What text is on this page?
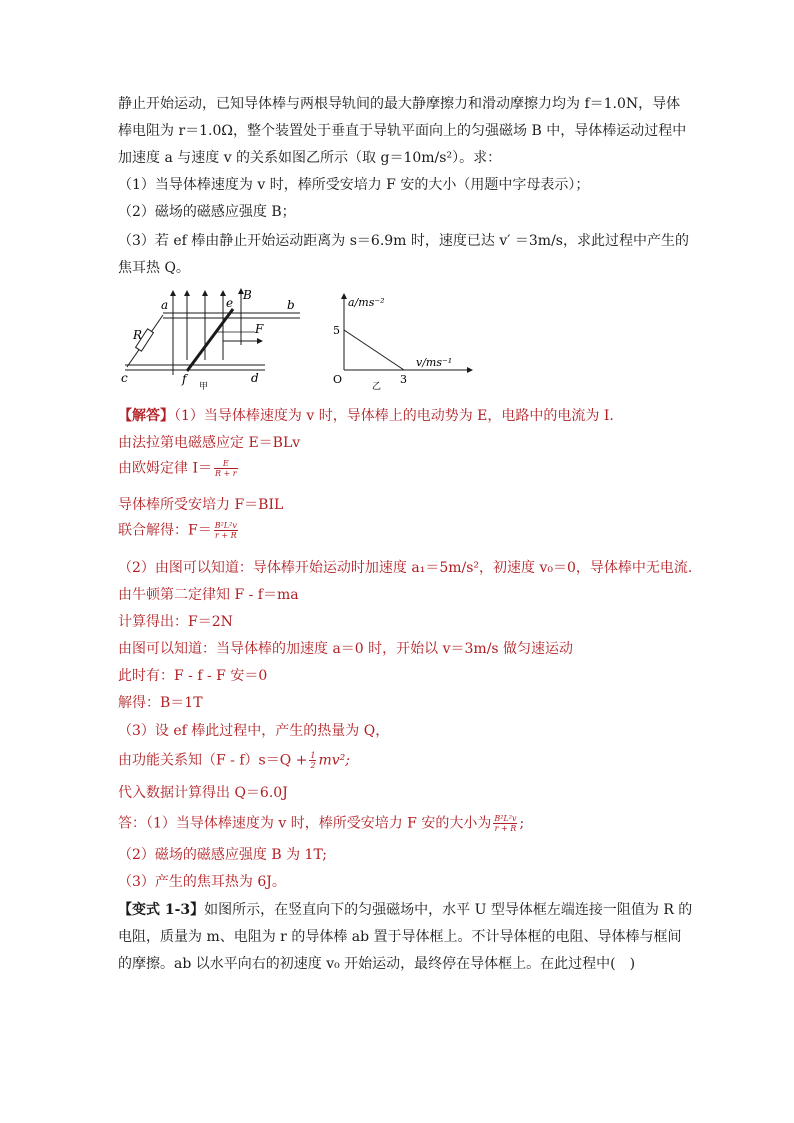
静止开始运动，已知导体棒与两根导轨间的最大静摩擦力和滑动摩擦力均为 f＝1.0N，导体
棒电阻为 r＝1.0Ω，整个装置处于垂直于导轨平面向上的匀强磁场 B 中，导体棒运动过程中
加速度 a 与速度 v 的关系如图乙所示（取 g＝10m/s²）。求：
（1）当导体棒速度为 v 时，棒所受安培力 F 安的大小（用题中字母表示）；
（2）磁场的磁感应强度 B；
（3）若 ef 棒由静止开始运动距离为 s＝6.9m 时，速度已达 v′ ＝3m/s，求此过程中产生的
焦耳热 Q。
a	b
c	d
e
f
B
F
R
甲
a/ms⁻²
v/ms⁻¹
O
5
3
乙
【解答】（1）当导体棒速度为 v 时，导体棒上的电动势为 E，电路中的电流为 I.
由法拉第电磁感应定 E＝BLv
由欧姆定律 $I= \frac{E}{R + r}$
导体棒所受安培力 F＝BIL
联合解得：$F= \frac{\text{B²L²v}}{r + R}$
（2）由图可以知道：导体棒开始运动时加速度 a₁＝5m/s²，初速度 v₀＝0，导体棒中无电流.
由牛顿第二定律知 F - f＝ma
计算得出：F＝2N
由图可以知道：当导体棒的加速度 a＝0 时，开始以 v＝3m/s 做匀速运动
此时有：F - f - F 安＝0
解得：B＝1T
（3）设 ef 棒此过程中，产生的热量为 Q，
由功能关系知$(F - f)s=Q + \frac{1}{2} mv^2$;
代入数据计算得出 Q＝6.0J
答：（1）当导体棒速度为 v 时，棒所受安培力 F 安的大小为 $\frac{\text{B²L²v}}{r + R}$ ;
（2）磁场的磁感应强度 B 为 1T;
（3）产生的焦耳热为 6J。
【变式 1-3】如图所示，在竖直向下的匀强磁场中，水平 U 型导体框左端连接一阻值为 R 的
电阻，质量为 m、电阻为 r 的导体棒 ab 置于导体框上。不计导体框的电阻、导体棒与框间
的摩擦。ab 以水平向右的初速度 v₀ 开始运动，最终停在导体框上。在此过程中(　)
